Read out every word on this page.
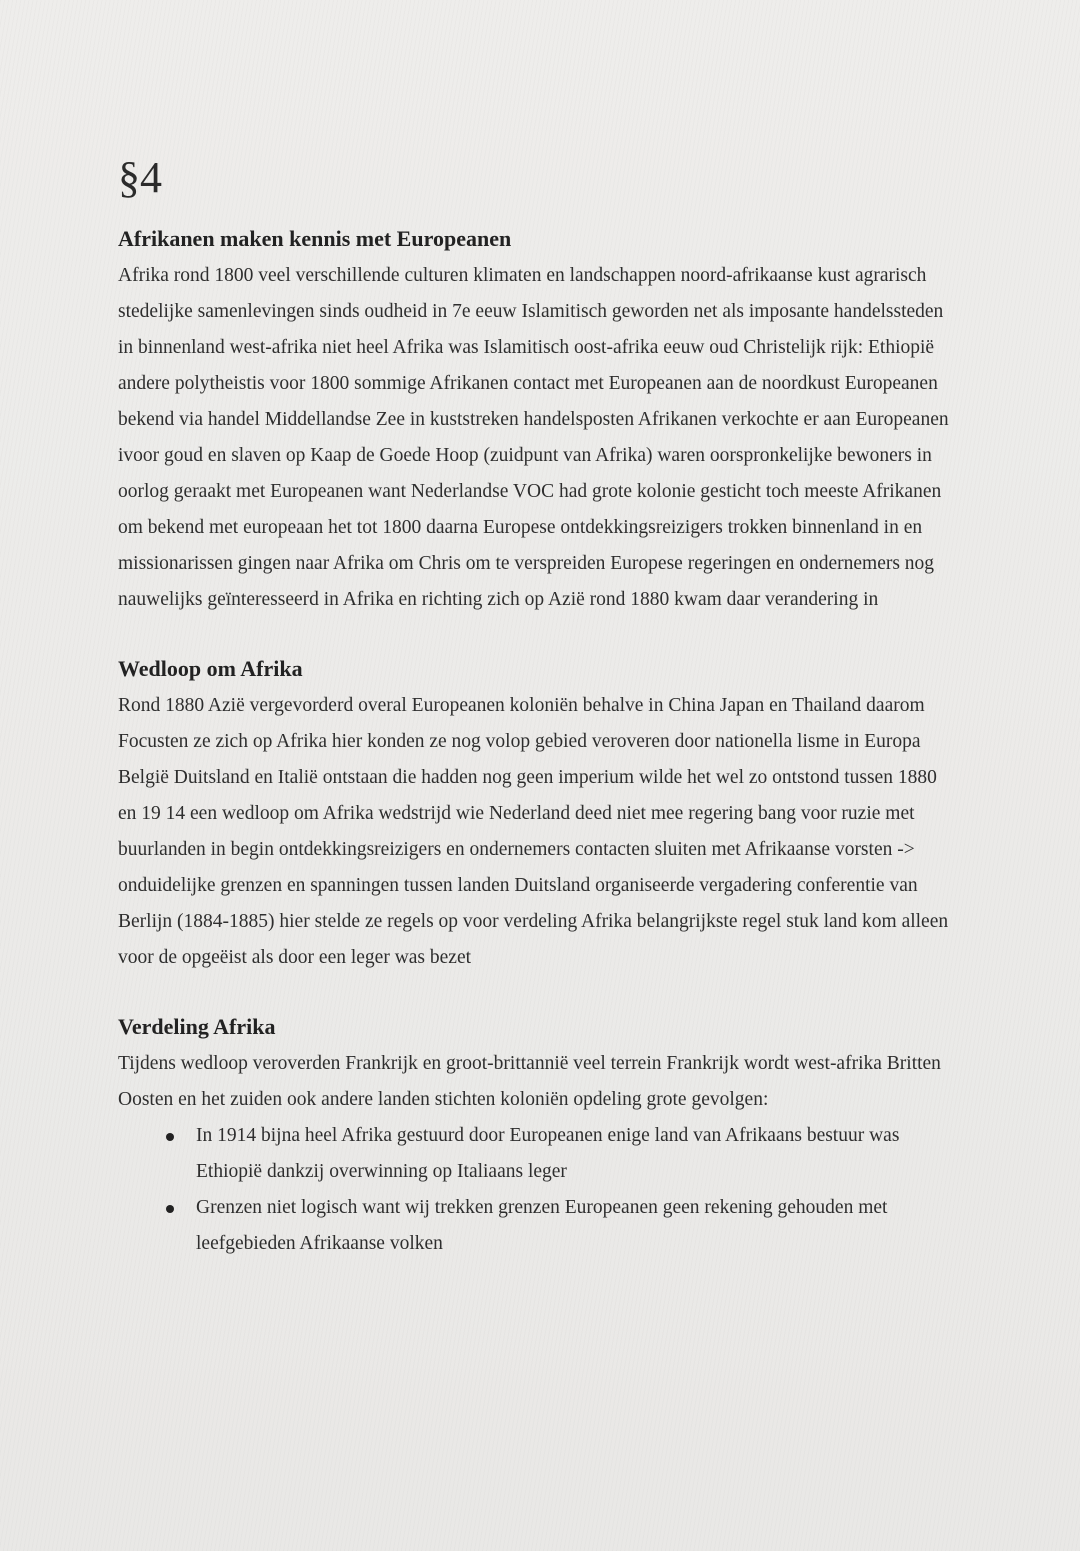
§4
Afrikanen maken kennis met Europeanen

Afrika rond 1800 veel verschillende culturen klimaten en landschappen noord-afrikaanse kust agrarisch stedelijke samenlevingen sinds oudheid in 7e eeuw Islamitisch geworden net als imposante handelssteden in binnenland west-afrika niet heel Afrika was Islamitisch oost-afrika eeuw oud Christelijk rijk: Ethiopië andere polytheistis voor 1800 sommige Afrikanen contact met Europeanen aan de noordkust Europeanen bekend via handel Middellandse Zee in kuststreken handelsposten Afrikanen verkochte er aan Europeanen ivoor goud en slaven op Kaap de Goede Hoop (zuidpunt van Afrika) waren oorspronkelijke bewoners in oorlog geraakt met Europeanen want Nederlandse VOC had grote kolonie gesticht toch meeste Afrikanen om bekend met europeaan het tot 1800 daarna Europese ontdekkingsreizigers trokken binnenland in en missionarissen gingen naar Afrika om Chris om te verspreiden Europese regeringen en ondernemers nog nauwelijks geïnteresseerd in Afrika en richting zich op Azië rond 1880 kwam daar verandering in

Wedloop om Afrika

Rond 1880 Azië vergevorderd overal Europeanen koloniën behalve in China Japan en Thailand daarom Focusten ze zich op Afrika hier konden ze nog volop gebied veroveren door nationella lisme in Europa België Duitsland en Italië ontstaan die hadden nog geen imperium wilde het wel zo ontstond tussen 1880 en 19 14 een wedloop om Afrika wedstrijd wie Nederland deed niet mee regering bang voor ruzie met buurlanden in begin ontdekkingsreizigers en ondernemers contacten sluiten met Afrikaanse vorsten -> onduidelijke grenzen en spanningen tussen landen Duitsland organiseerde vergadering conferentie van Berlijn (1884-1885) hier stelde ze regels op voor verdeling Afrika belangrijkste regel stuk land kom alleen voor de opgeëist als door een leger was bezet

Verdeling Afrika

Tijdens wedloop veroverden Frankrijk en groot-brittannië veel terrein Frankrijk wordt west-afrika Britten Oosten en het zuiden ook andere landen stichten koloniën opdeling grote gevolgen:

In 1914 bijna heel Afrika gestuurd door Europeanen enige land van Afrikaans bestuur was Ethiopië dankzij overwinning op Italiaans leger
Grenzen niet logisch want wij trekken grenzen Europeanen geen rekening gehouden met leefgebieden Afrikaanse volken
